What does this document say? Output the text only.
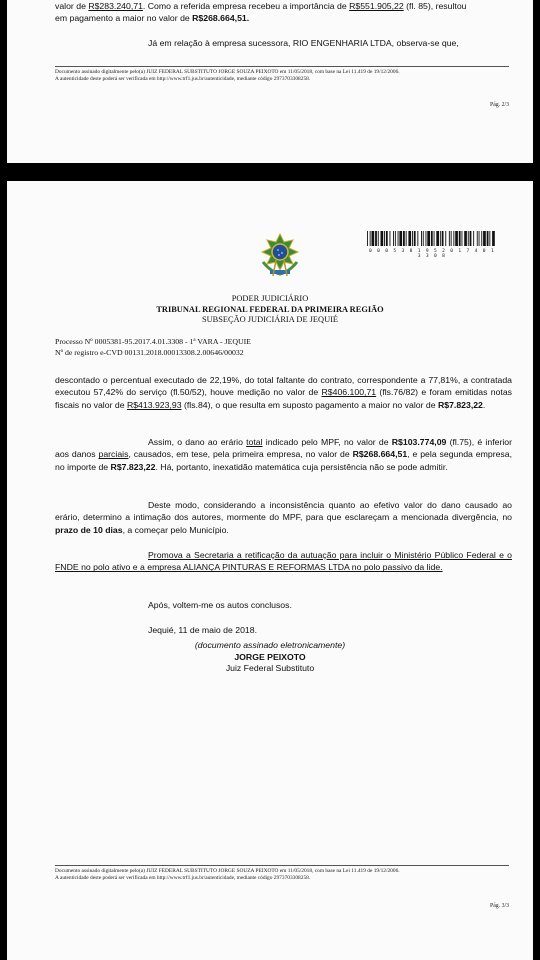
valor de R$283.240,71. Como a referida empresa recebeu a importância de R$551.905,22 (fl. 85), resultou
em pagamento a maior no valor de R$268.664,51.
Já em relação à empresa sucessora, RIO ENGENHARIA LTDA, observa-se que,
Documento assinado digitalmente pelo(a) JUIZ FEDERAL SUBSTITUTO JORGE SOUZA PEIXOTO em 11/05/2018, com base na Lei 11.419 de 19/12/2006.
A autenticidade deste poderá ser verificada em http://www.trf1.jus.br/autenticidade, mediante código 2973703308258.
Pág. 2/3
0 0 0 5 3 8 1 9 5 2 0 1 7 4 0 1 3 3 0 8
PODER JUDICIÁRIO
TRIBUNAL REGIONAL FEDERAL DA PRIMEIRA REGIÃO
SUBSEÇÃO JUDICIÁRIA DE JEQUIÉ
Processo Nº 0005381-95.2017.4.01.3308 - 1ª VARA - JEQUIE
Nº de registro e-CVD 00131.2018.00013308.2.00646/00032
descontado o percentual executado de 22,19%, do total faltante do contrato, correspondente a 77,81%, a contratada executou 57,42% do serviço (fl.50/52), houve medição no valor de R$406.100,71 (fls.76/82) e foram emitidas notas fiscais no valor de R$413.923,93 (fls.84), o que resulta em suposto pagamento a maior no valor de R$7.823,22.
Assim, o dano ao erário total indicado pelo MPF, no valor de R$103.774,09 (fl.75), é inferior aos danos parciais, causados, em tese, pela primeira empresa, no valor de R$268.664,51, e pela segunda empresa, no importe de R$7.823,22. Há, portanto, inexatidão matemática cuja persistência não se pode admitir.
Deste modo, considerando a inconsistência quanto ao efetivo valor do dano causado ao erário, determino a intimação dos autores, mormente do MPF, para que esclareçam a mencionada divergência, no prazo de 10 dias, a começar pelo Município.
Promova a Secretaria a retificação da autuação para incluir o Ministério Público Federal e o FNDE no polo ativo e a empresa ALIANÇA PINTURAS E REFORMAS LTDA no polo passivo da lide.
Após, voltem-me os autos conclusos.
Jequié, 11 de maio de 2018.
(documento assinado eletronicamente)
JORGE PEIXOTO
Juiz Federal Substituto
Documento assinado digitalmente pelo(a) JUIZ FEDERAL SUBSTITUTO JORGE SOUZA PEIXOTO em 11/05/2018, com base na Lei 11.419 de 19/12/2006.
A autenticidade deste poderá ser verificada em http://www.trf1.jus.br/autenticidade, mediante código 2973703308258.
Pág. 3/3
